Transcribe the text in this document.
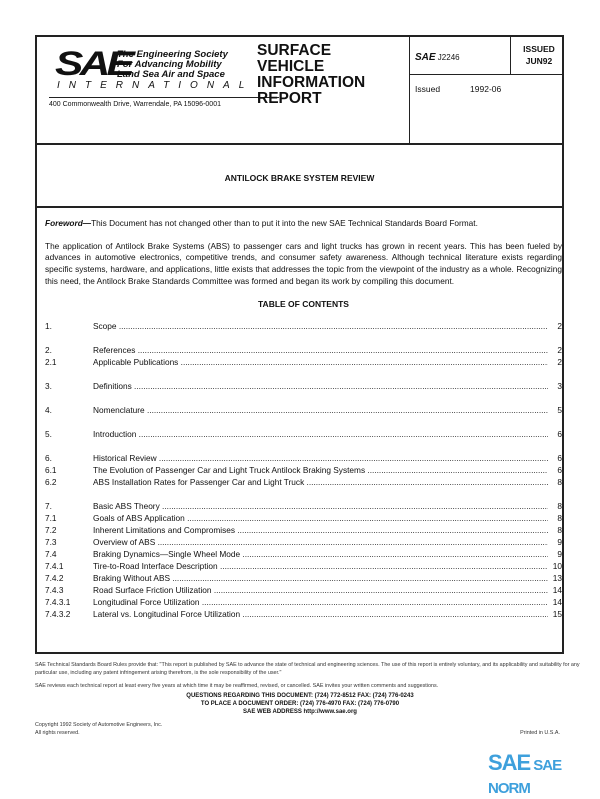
SAE
The Engineering Society
For Advancing Mobility
Land Sea Air and Space
INTERNATIONAL
400 Commonwealth Drive, Warrendale, PA 15096-0001
SURFACE
VEHICLE
INFORMATION
REPORT
SAE J2246
ISSUED
JUN92
Issued	1992-06
ANTILOCK BRAKE SYSTEM REVIEW

Foreword—This Document has not changed other than to put it into the new SAE Technical Standards Board Format.

The application of Antilock Brake Systems (ABS) to passenger cars and light trucks has grown in recent years. This has been fueled by advances in automotive electronics, competitive trends, and consumer safety awareness. Although technical literature exists regarding specific systems, hardware, and applications, little exists that addresses the topic from the viewpoint of the industry as a whole. Recognizing this need, the Antilock Brake Standards Committee was formed and began its work by compiling this document.

TABLE OF CONTENTS
1.	Scope .....	2
2.	References .....	2
2.1	Applicable Publications .....	2
3.	Definitions .....	3
4.	Nomenclature .....	5
5.	Introduction .....	6
6.	Historical Review .....	6
6.1	The Evolution of Passenger Car and Light Truck Antilock Braking Systems .....	6
6.2	ABS Installation Rates for Passenger Car and Light Truck .....	8
7.	Basic ABS Theory .....	8
7.1	Goals of ABS Application .....	8
7.2	Inherent Limitations and Compromises .....	8
7.3	Overview of ABS .....	9
7.4	Braking Dynamics—Single Wheel Mode .....	9
7.4.1	Tire-to-Road Interface Description .....	10
7.4.2	Braking Without ABS .....	13
7.4.3	Road Surface Friction Utilization .....	14
7.4.3.1	Longitudinal Force Utilization .....	14
7.4.3.2	Lateral vs. Longitudinal Force Utilization .....	15
SAE Technical Standards Board Rules provide that: "This report is published by SAE to advance the state of technical and engineering sciences. The use of this report is entirely voluntary, and its applicability and suitability for any particular use, including any patent infringement arising therefrom, is the sole responsibility of the user."
SAE reviews each technical report at least every five years at which time it may be reaffirmed, revised, or cancelled. SAE invites your written comments and suggestions.
QUESTIONS REGARDING THIS DOCUMENT: (724) 772-8512 FAX: (724) 776-0243
TO PLACE A DOCUMENT ORDER: (724) 776-4970 FAX: (724) 776-0790
SAE WEB ADDRESS http://www.sae.org
Copyright 1992 Society of Automotive Engineers, Inc.
All rights reserved.	Printed in U.S.A.
SAE SAE NORM
